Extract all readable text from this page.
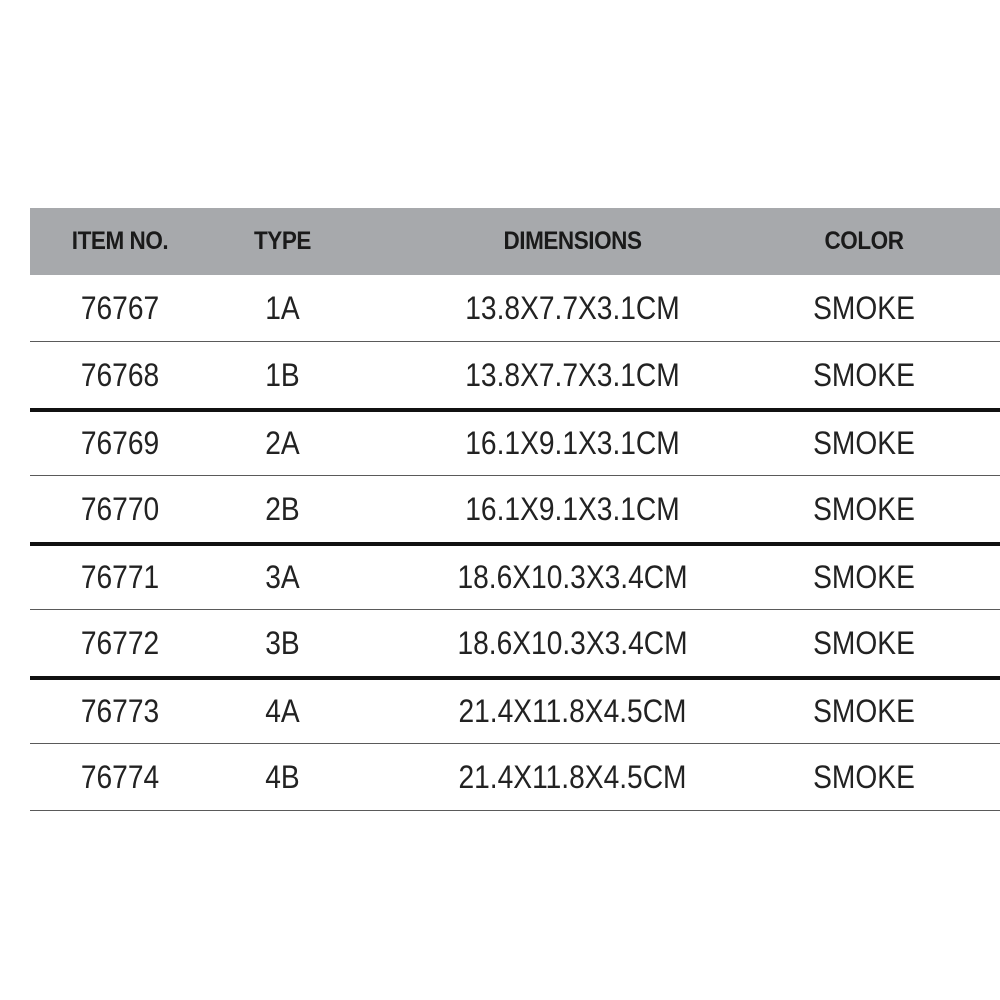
ITEM NO.	TYPE	DIMENSIONS	COLOR
76767	1A	13.8X7.7X3.1CM	SMOKE
76768	1B	13.8X7.7X3.1CM	SMOKE
76769	2A	16.1X9.1X3.1CM	SMOKE
76770	2B	16.1X9.1X3.1CM	SMOKE
76771	3A	18.6X10.3X3.4CM	SMOKE
76772	3B	18.6X10.3X3.4CM	SMOKE
76773	4A	21.4X11.8X4.5CM	SMOKE
76774	4B	21.4X11.8X4.5CM	SMOKE
